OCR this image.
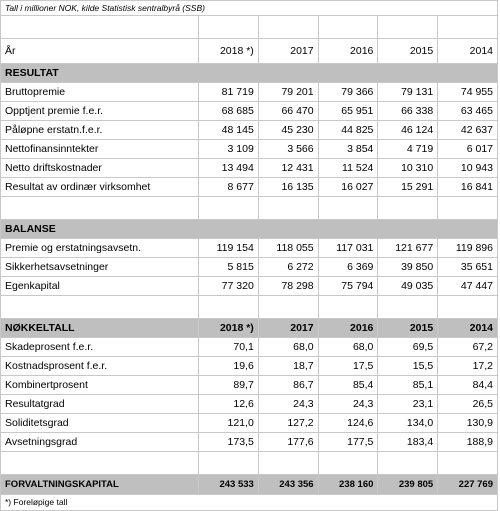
Tall i millioner NOK, kilde Statistisk sentralbyrå (SSB)					

År	2018 *)	2017	2016	2015	2014
RESULTAT					
Bruttopremie	81 719	79 201	79 366	79 131	74 955
Opptjent premie f.e.r.	68 685	66 470	65 951	66 338	63 465
Påløpne erstatn.f.e.r.	48 145	45 230	44 825	46 124	42 637
Nettofinansinntekter	3 109	3 566	3 854	4 719	6 017
Netto driftskostnader	13 494	12 431	11 524	10 310	10 943
Resultat av ordinær virksomhet	8 677	16 135	16 027	15 291	16 841

BALANSE					
Premie og erstatningsavsetn.	119 154	118 055	117 031	121 677	119 896
Sikkerhetsavsetninger	5 815	6 272	6 369	39 850	35 651
Egenkapital	77 320	78 298	75 794	49 035	47 447

NØKKELTALL	2018 *)	2017	2016	2015	2014
Skadeprosent f.e.r.	70,1	68,0	68,0	69,5	67,2
Kostnadsprosent f.e.r.	19,6	18,7	17,5	15,5	17,2
Kombinertprosent	89,7	86,7	85,4	85,1	84,4
Resultatgrad	12,6	24,3	24,3	23,1	26,5
Soliditetsgrad	121,0	127,2	124,6	134,0	130,9
Avsetningsgrad	173,5	177,6	177,5	183,4	188,9

FORVALTNINGSKAPITAL	243 533	243 356	238 160	239 805	227 769
*) Foreløpige tall					
